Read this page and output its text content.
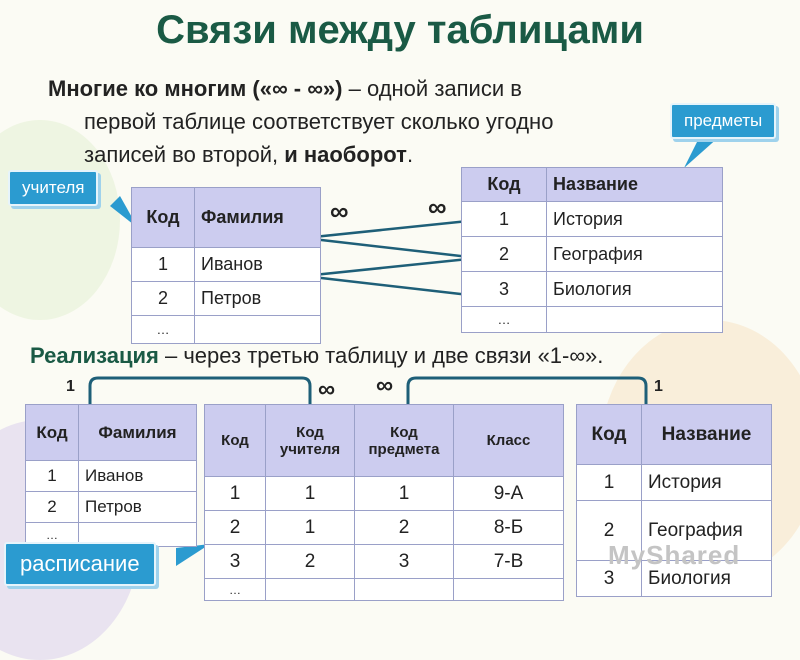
Связи между таблицами
Многие ко многим («∞ - ∞») – одной записи в
первой таблице соответствует сколько угодно
записей во второй, и наоборот.
учителя
предметы
∞	∞
Код	Фамилия
1	Иванов
2	Петров
…	
Код	Название
1	История
2	География
3	Биология
…	
Реализация – через третью таблицу и две связи «1-∞».
1	∞ ∞	1
Код	Фамилия
1	Иванов
2	Петров
…	
Код	Код учителя	Код предмета	Класс
1	1	1	9-А
2	1	2	8-Б
3	2	3	7-В
…			
Код	Название
1	История
2	География
3	Биология
расписание	MyShared
